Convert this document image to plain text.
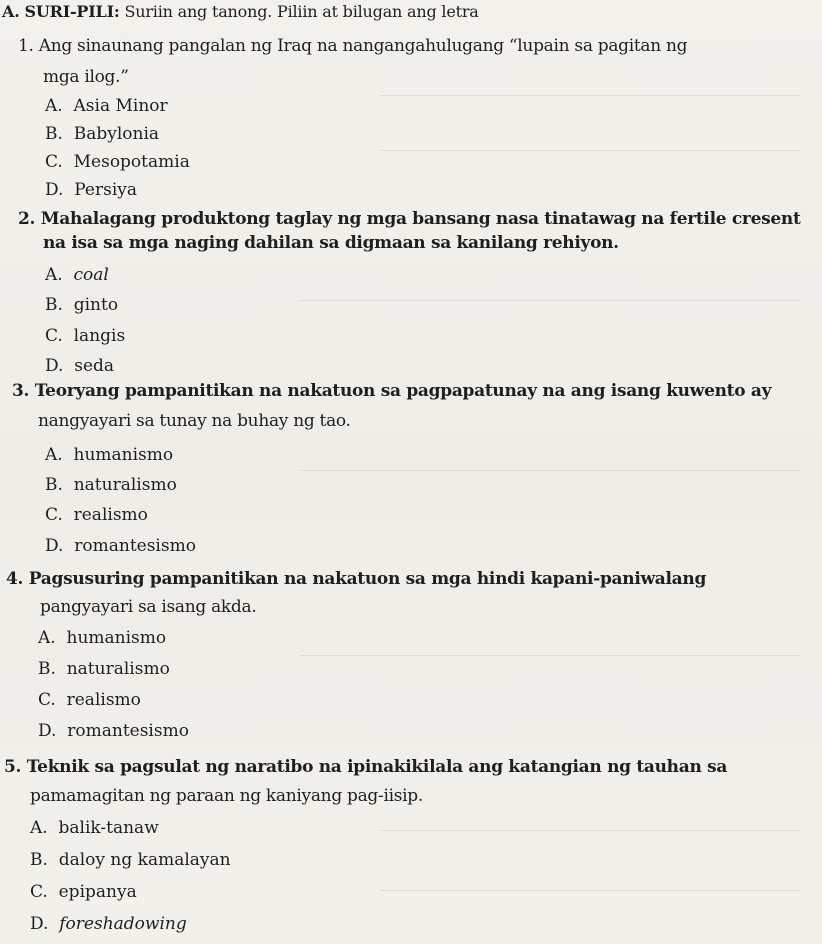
A. SURI-PILI: Suriin ang tanong. Piliin at bilugan ang letra
1. Ang sinaunang pangalan ng Iraq na nangangahulugang “lupain sa pagitan ng
mga ilog.”
A. Asia Minor
B. Babylonia
C. Mesopotamia
D. Persiya
2. Mahalagang produktong taglay ng mga bansang nasa tinatawag na fertile cresent
na isa sa mga naging dahilan sa digmaan sa kanilang rehiyon.
A. coal
B. ginto
C. langis
D. seda
3. Teoryang pampanitikan na nakatuon sa pagpapatunay na ang isang kuwento ay
nangyayari sa tunay na buhay ng tao.
A. humanismo
B. naturalismo
C. realismo
D. romantesismo
4. Pagsusuring pampanitikan na nakatuon sa mga hindi kapani-paniwalang
pangyayari sa isang akda.
A. humanismo
B. naturalismo
C. realismo
D. romantesismo
5. Teknik sa pagsulat ng naratibo na ipinakikilala ang katangian ng tauhan sa
pamamagitan ng paraan ng kaniyang pag-iisip.
A. balik-tanaw
B. daloy ng kamalayan
C. epipanya
D. foreshadowing
